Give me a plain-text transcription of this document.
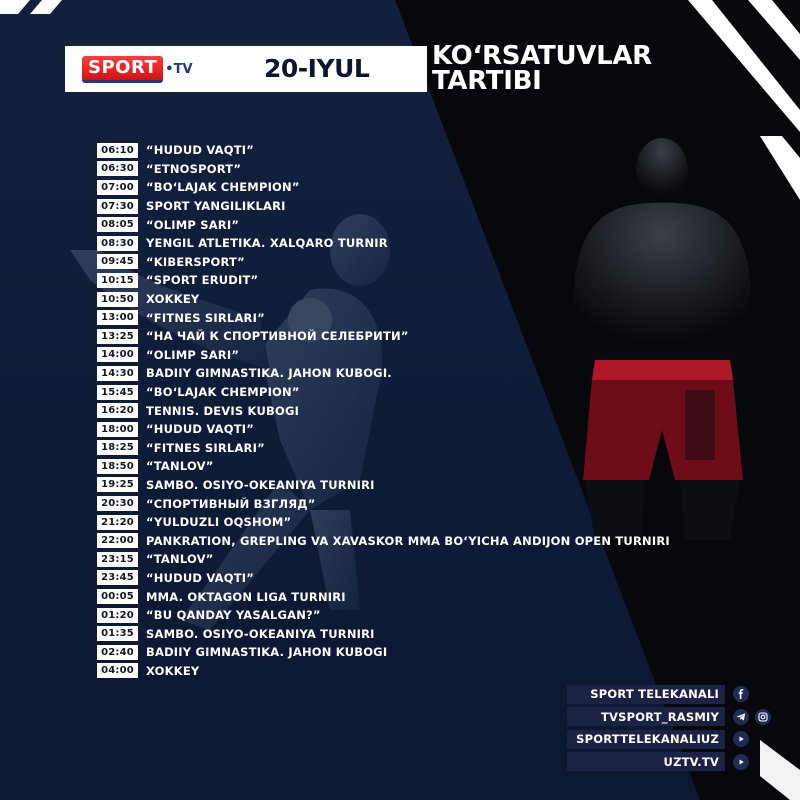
SPORT •TV	20-IYUL KO‘RSATUVLAR
TARTIBI
06:10	“HUDUD VAQTI”
06:30	“ETNOSPORT”
07:00	“BO‘LAJAK CHEMPION”
07:30	SPORT YANGILIKLARI
08:05	“OLIMP SARI”
08:30	YENGIL ATLETIKA. XALQARO TURNIR
09:45	“KIBERSPORT”
10:15	“SPORT ERUDIT”
10:50	XOKKEY
13:00	“FITNES SIRLARI”
13:25	“НА ЧАЙ К СПОРТИВНОЙ СЕЛЕБРИТИ”
14:00	“OLIMP SARI”
14:30	BADIIY GIMNASTIKA. JAHON KUBOGI.
15:45	“BO‘LAJAK CHEMPION”
16:20	TENNIS. DEVIS KUBOGI
18:00	“HUDUD VAQTI”
18:25	“FITNES SIRLARI”
18:50	“TANLOV”
19:25	SAMBO. OSIYO-OKEANIYA TURNIRI
20:30	“СПОРТИВНЫЙ ВЗГЛЯД”
21:20	“YULDUZLI OQSHOM”
22:00	PANKRATION, GREPLING VA XAVASKOR MMA BO‘YICHA ANDIJON OPEN TURNIRI
23:15	“TANLOV”
23:45	“HUDUD VAQTI”
00:05	MMA. OKTAGON LIGA TURNIRI
01:20	“BU QANDAY YASALGAN?”
01:35	SAMBO. OSIYO-OKEANIYA TURNIRI
02:40	BADIIY GIMNASTIKA. JAHON KUBOGI
04:00	XOKKEY
SPORT TELEKANALI
TVSPORT_RASMIY
SPORTTELEKANALIUZ
UZTV.TV
